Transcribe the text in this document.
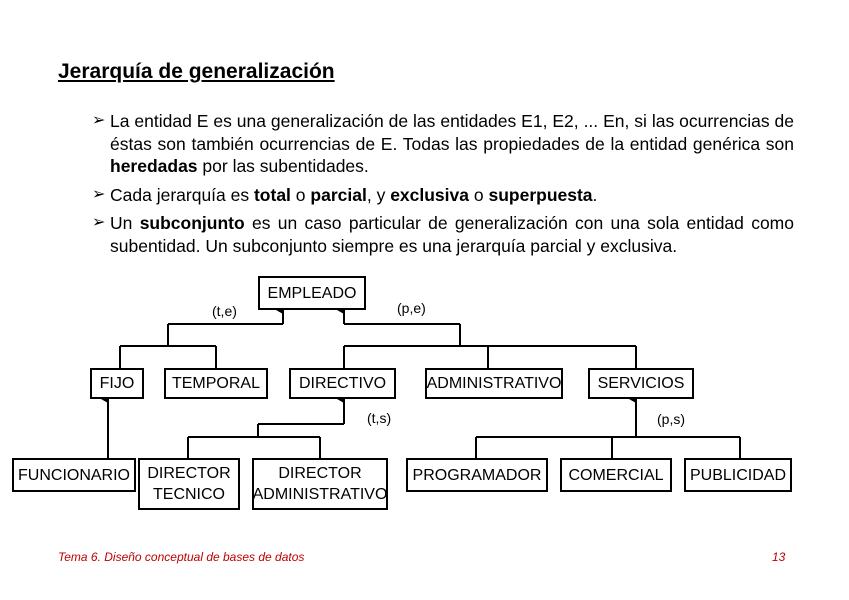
Jerarquía de generalización
➢ La entidad E es una generalización de las entidades E1, E2, ... En, si las ocurrencias de éstas son también ocurrencias de E. Todas las propiedades de la entidad genérica son heredadas por las subentidades.
➢ Cada jerarquía es total o parcial, y exclusiva o superpuesta.
➢ Un subconjunto es un caso particular de generalización con una sola entidad como subentidad. Un subconjunto siempre es una jerarquía parcial y exclusiva.
EMPLEADO
FIJO TEMPORAL DIRECTIVO	ADMINISTRATIVO SERVICIOS
FUNCIONARIO DIRECTOR
TECNICO
DIRECTOR
ADMINISTRATIVO
PROGRAMADOR COMERCIAL PUBLICIDAD
(t,e)	(p,e)
(t,s)	(p,s)
Tema 6. Diseño conceptual de bases de datos	13
